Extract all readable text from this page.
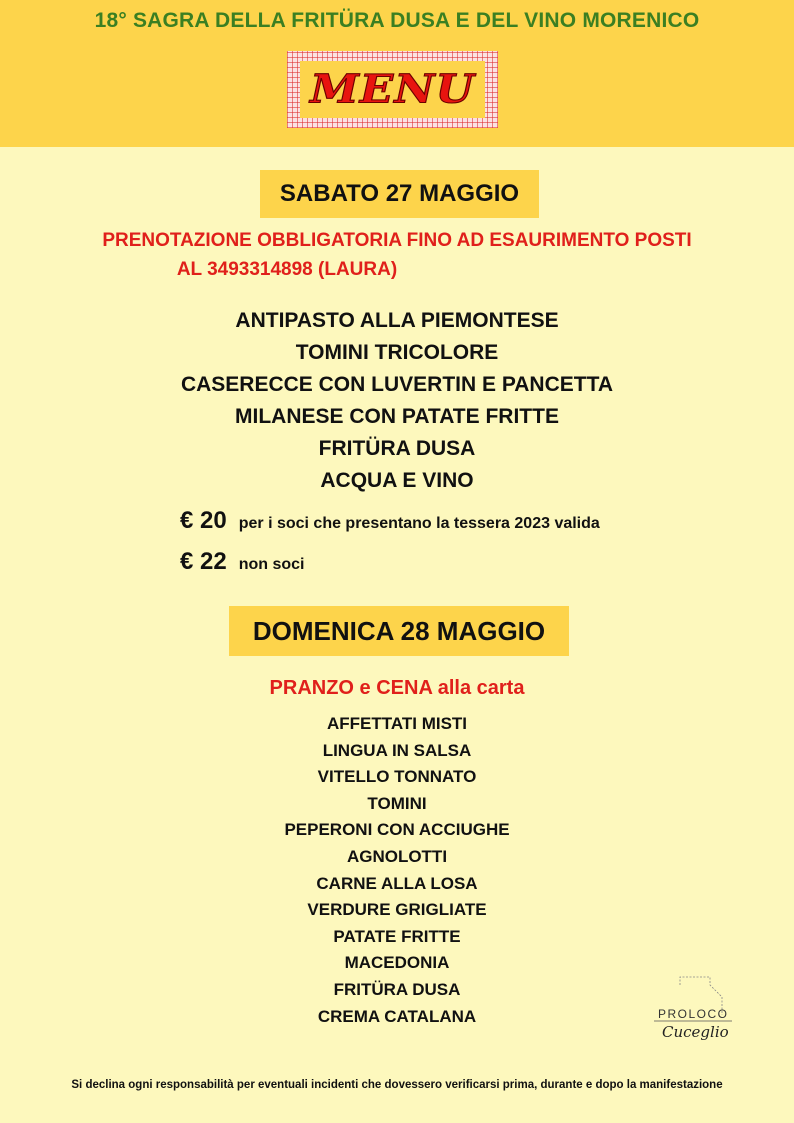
18° SAGRA DELLA FRITÜRA DUSA E DEL VINO MORENICO
MENU
SABATO 27 MAGGIO
PRENOTAZIONE OBBLIGATORIA FINO AD ESAURIMENTO POSTI
AL 3493314898 (LAURA)
ANTIPASTO ALLA PIEMONTESE
TOMINI TRICOLORE
CASERECCE CON LUVERTIN E PANCETTA
MILANESE CON PATATE FRITTE
FRITÜRA DUSA
ACQUA E VINO
€ 20 per i soci che presentano la tessera 2023 valida
€ 22 non soci
DOMENICA 28 MAGGIO
PRANZO e CENA alla carta
AFFETTATI MISTI
LINGUA IN SALSA
VITELLO TONNATO
TOMINI
PEPERONI CON ACCIUGHE
AGNOLOTTI
CARNE ALLA LOSA
VERDURE GRIGLIATE
PATATE FRITTE
MACEDONIA
FRITÜRA DUSA
CREMA CATALANA	PROLOCO
Cuceglio
Si declina ogni responsabilità per eventuali incidenti che dovessero verificarsi prima, durante e dopo la manifestazione
